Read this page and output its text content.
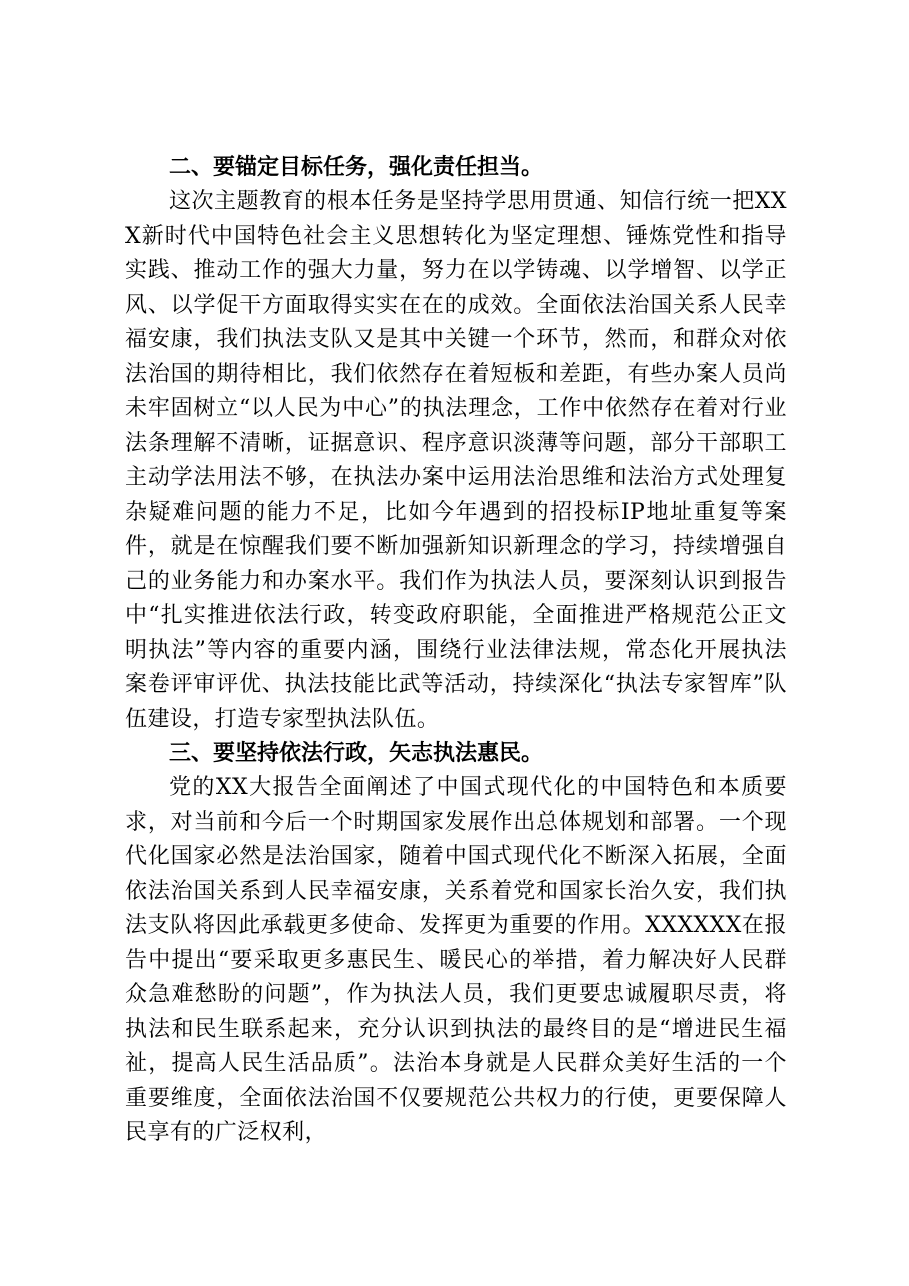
二、要锚定目标任务，强化责任担当。

这次主题教育的根本任务是坚持学思用贯通、知信行统一把XXX新时代中国特色社会主义思想转化为坚定理想、锤炼党性和指导实践、推动工作的强大力量，努力在以学铸魂、以学增智、以学正风、以学促干方面取得实实在在的成效。全面依法治国关系人民幸福安康，我们执法支队又是其中关键一个环节，然而，和群众对依法治国的期待相比，我们依然存在着短板和差距，有些办案人员尚未牢固树立“以人民为中心”的执法理念，工作中依然存在着对行业法条理解不清晰，证据意识、程序意识淡薄等问题，部分干部职工主动学法用法不够，在执法办案中运用法治思维和法治方式处理复杂疑难问题的能力不足，比如今年遇到的招投标IP地址重复等案件，就是在惊醒我们要不断加强新知识新理念的学习，持续增强自己的业务能力和办案水平。我们作为执法人员，要深刻认识到报告中“扎实推进依法行政，转变政府职能，全面推进严格规范公正文明执法”等内容的重要内涵，围绕行业法律法规，常态化开展执法案卷评审评优、执法技能比武等活动，持续深化“执法专家智库”队伍建设，打造专家型执法队伍。

三、要坚持依法行政，矢志执法惠民。

党的XX大报告全面阐述了中国式现代化的中国特色和本质要求，对当前和今后一个时期国家发展作出总体规划和部署。一个现代化国家必然是法治国家，随着中国式现代化不断深入拓展，全面依法治国关系到人民幸福安康，关系着党和国家长治久安，我们执法支队将因此承载更多使命、发挥更为重要的作用。XXXXXX在报告中提出“要采取更多惠民生、暖民心的举措，着力解决好人民群众急难愁盼的问题”，作为执法人员，我们更要忠诚履职尽责，将执法和民生联系起来，充分认识到执法的最终目的是“增进民生福祉，提高人民生活品质”。法治本身就是人民群众美好生活的一个重要维度，全面依法治国不仅要规范公共权力的行使，更要保障人民享有的广泛权利，
